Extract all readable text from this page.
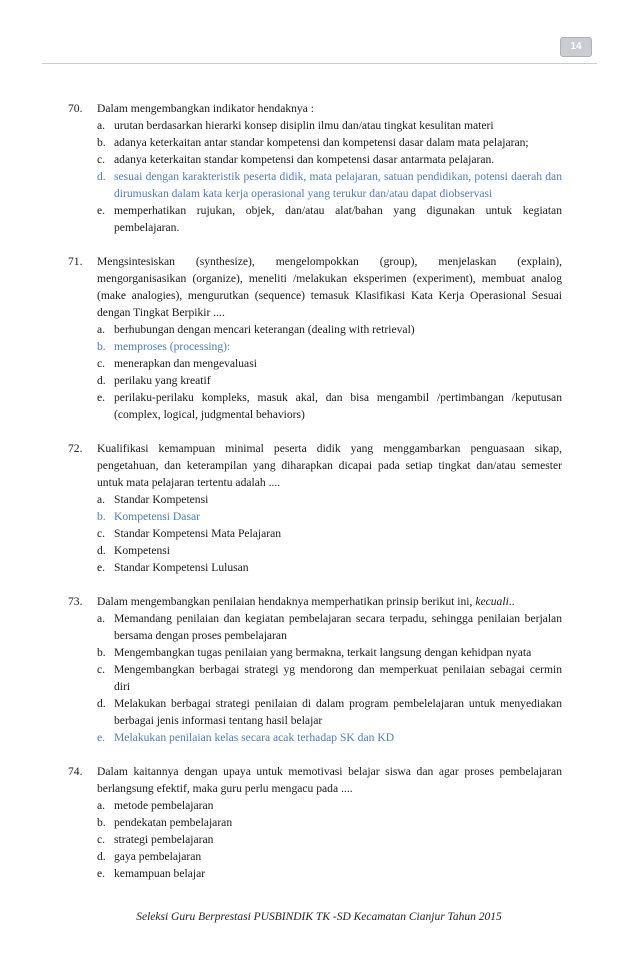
14
70.	Dalam mengembangkan indikator hendaknya :
a. urutan berdasarkan hierarki konsep disiplin ilmu dan/atau tingkat kesulitan materi
b. adanya keterkaitan antar standar kompetensi dan kompetensi dasar dalam mata pelajaran;
c. adanya keterkaitan standar kompetensi dan kompetensi dasar antarmata pelajaran.
d. sesuai dengan karakteristik peserta didik, mata pelajaran, satuan pendidikan, potensi daerah dan dirumuskan dalam kata kerja operasional yang terukur dan/atau dapat diobservasi
e. memperhatikan rujukan, objek, dan/atau alat/bahan yang digunakan untuk kegiatan pembelajaran.
71.	Mengsintesiskan (synthesize), mengelompokkan (group), menjelaskan (explain), mengorganisasikan (organize), meneliti /melakukan eksperimen (experiment), membuat analog (make analogies), mengurutkan (sequence) temasuk Klasifikasi Kata Kerja Operasional Sesuai dengan Tingkat Berpikir ....
a. berhubungan dengan mencari keterangan (dealing with retrieval)
b. memproses (processing):
c. menerapkan dan mengevaluasi
d. perilaku yang kreatif
e. perilaku-perilaku kompleks, masuk akal, dan bisa mengambil /pertimbangan /keputusan (complex, logical, judgmental behaviors)
72.	Kualifikasi kemampuan minimal peserta didik yang menggambarkan penguasaan sikap, pengetahuan, dan keterampilan yang diharapkan dicapai pada setiap tingkat dan/atau semester untuk mata pelajaran tertentu adalah ....
a. Standar Kompetensi
b. Kompetensi Dasar
c. Standar Kompetensi Mata Pelajaran
d. Kompetensi
e. Standar Kompetensi Lulusan
73.	Dalam mengembangkan penilaian hendaknya memperhatikan prinsip berikut ini, kecuali..
a. Memandang penilaian dan kegiatan pembelajaran secara terpadu, sehingga penilaian berjalan bersama dengan proses pembelajaran
b. Mengembangkan tugas penilaian yang bermakna, terkait langsung dengan kehidpan nyata
c. Mengembangkan berbagai strategi yg mendorong dan memperkuat penilaian sebagai cermin diri
d. Melakukan berbagai strategi penilaian di dalam program pembelelajaran untuk menyediakan berbagai jenis informasi tentang hasil belajar
e. Melakukan penilaian kelas secara acak terhadap SK dan KD
74.	Dalam kaitannya dengan upaya untuk memotivasi belajar siswa dan agar proses pembelajaran berlangsung efektif, maka guru perlu mengacu pada ....
a. metode pembelajaran
b. pendekatan pembelajaran
c. strategi pembelajaran
d. gaya pembelajaran
e. kemampuan belajar
Seleksi Guru Berprestasi PUSBINDIK TK -SD Kecamatan Cianjur Tahun 2015
